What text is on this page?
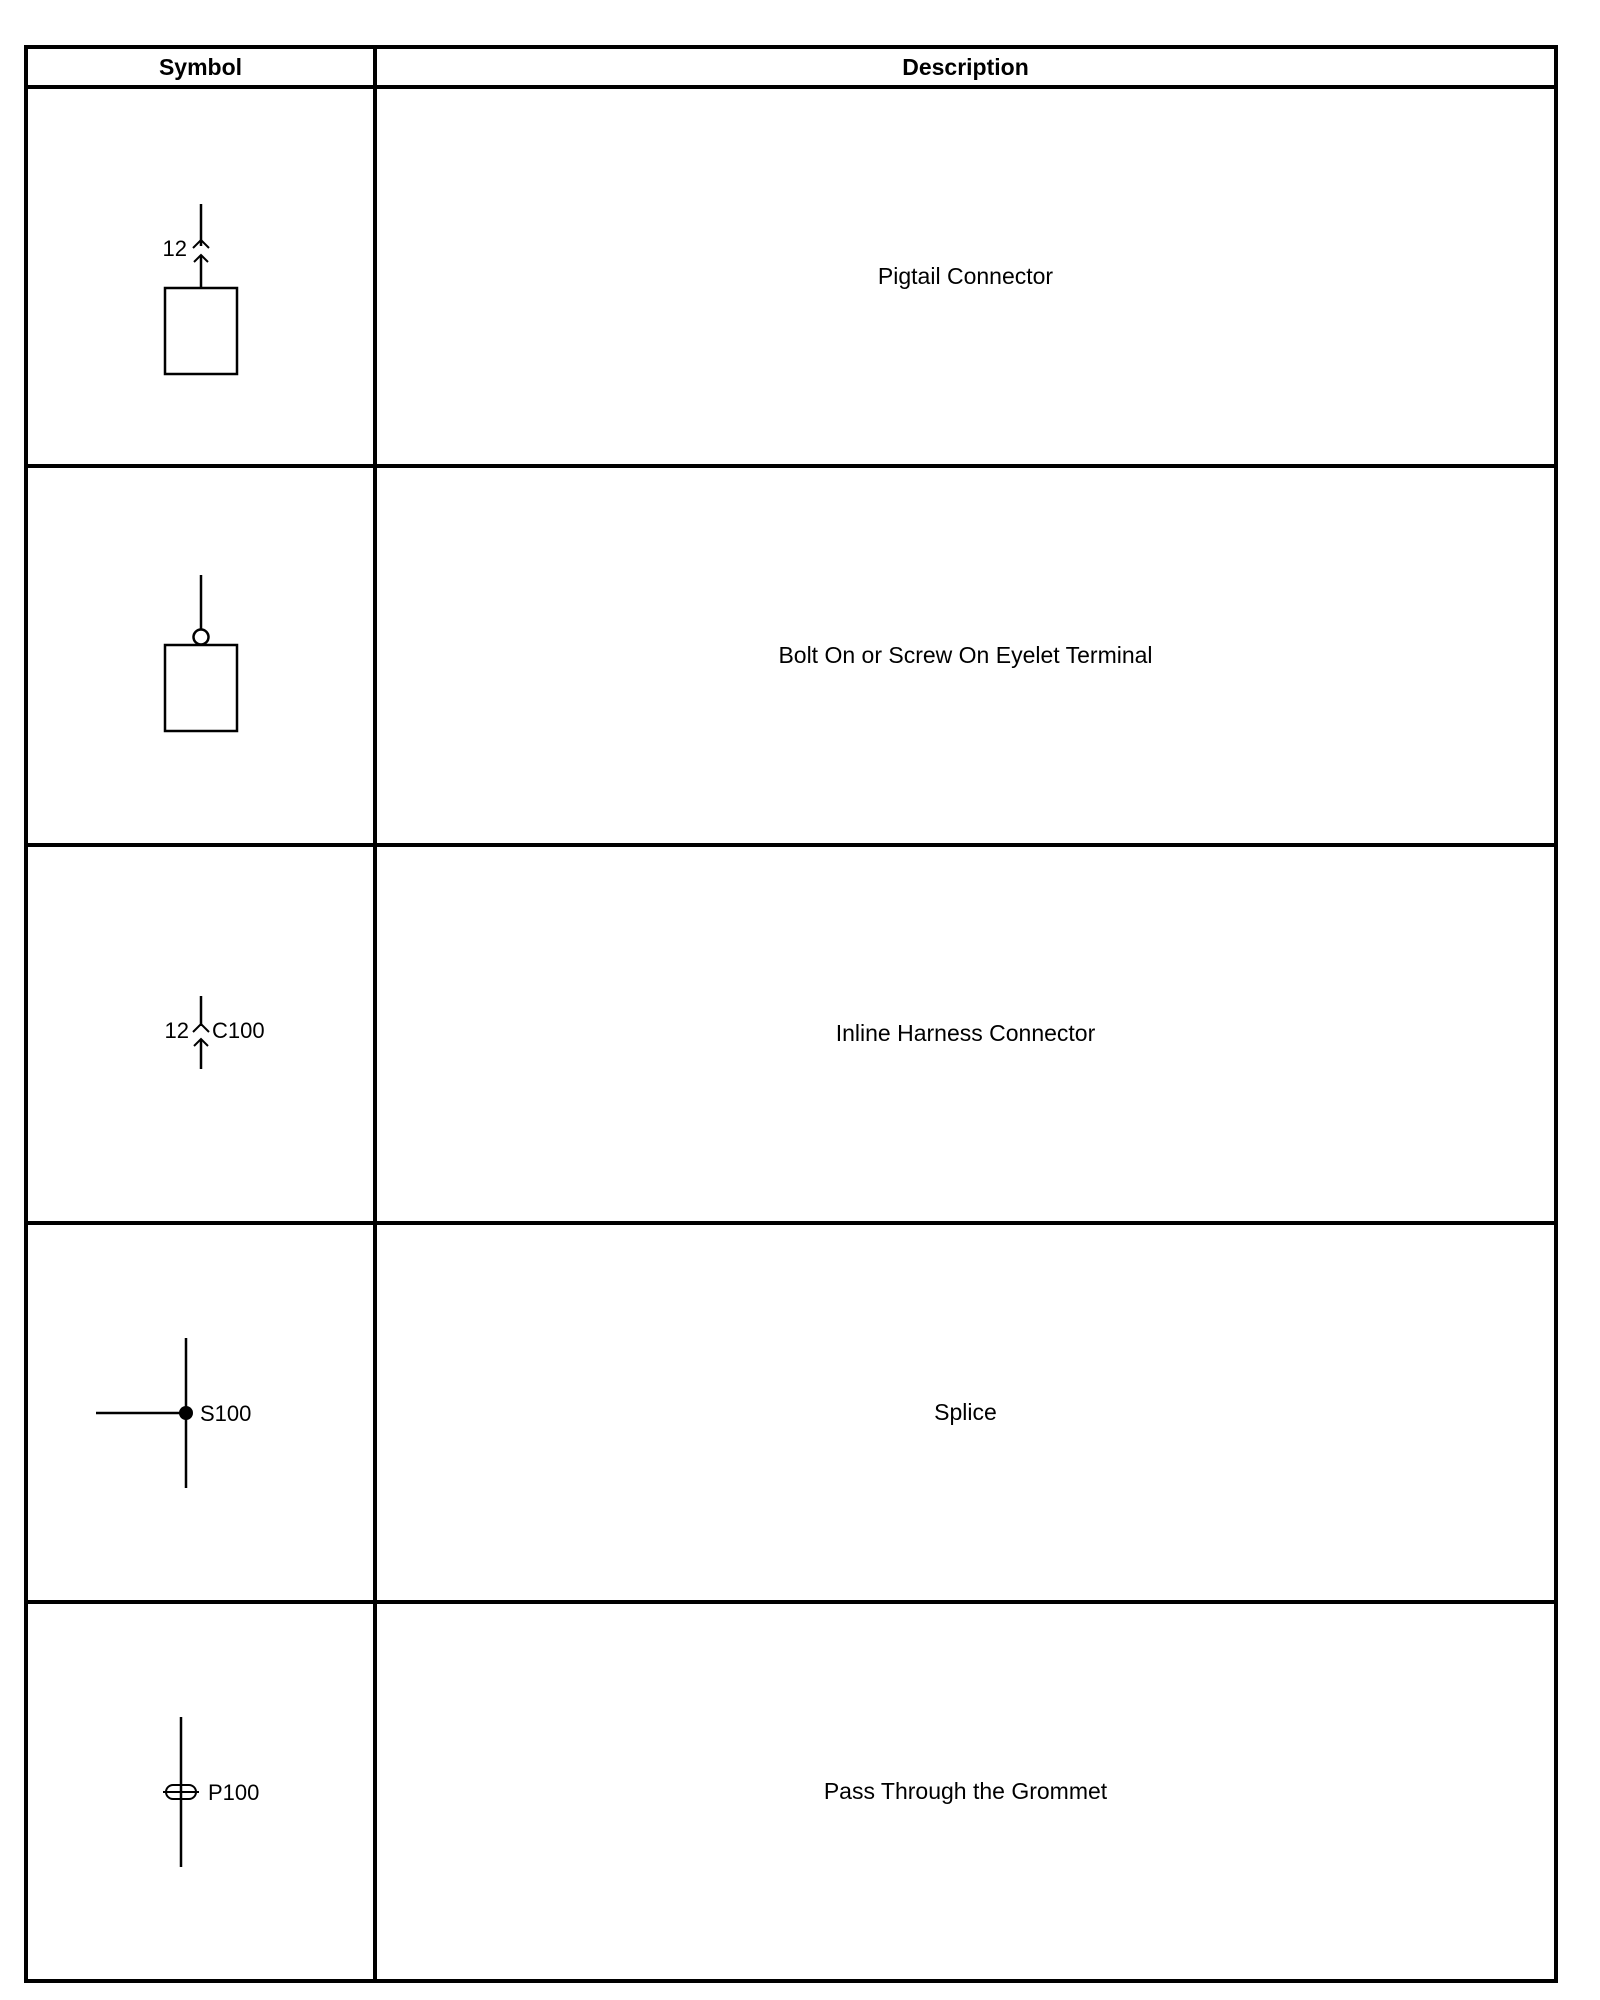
Symbol	Description

12	Pigtail Connector

	Bolt On or Screw On Eyelet Terminal

12 C100	Inline Harness Connector

S100	Splice

P100	Pass Through the Grommet
